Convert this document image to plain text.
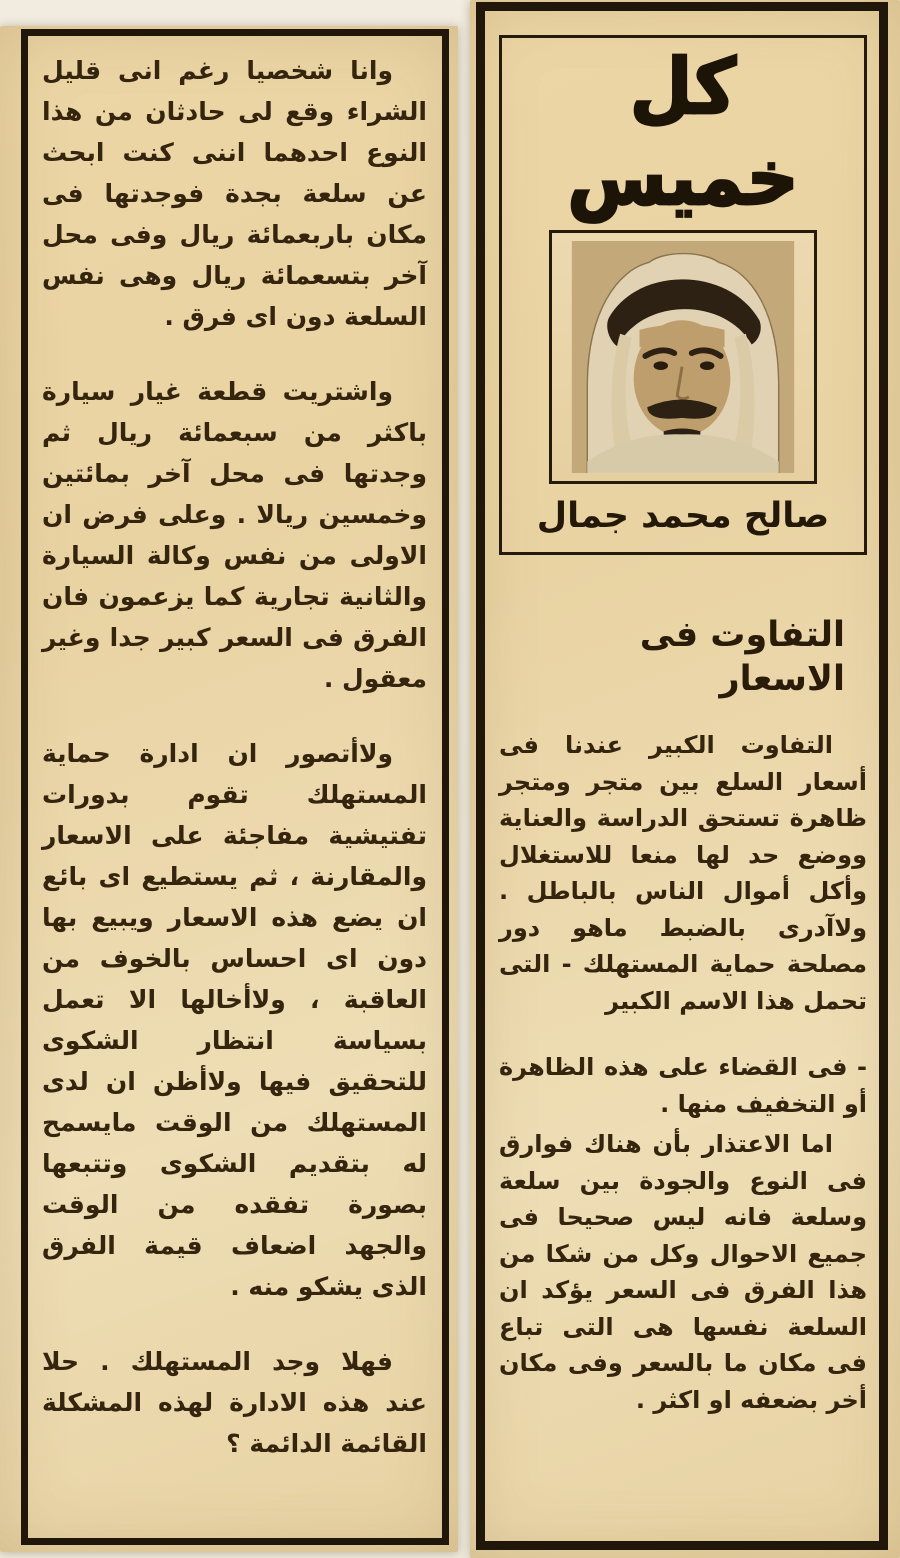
وانا شخصيا رغم انى قليل الشراء وقع لى حادثان من هذا النوع احدهما اننى كنت ابحث عن سلعة بجدة فوجدتها فى مكان باربعمائة ريال وفى محل آخر بتسعمائة ريال وهى نفس السلعة دون اى فرق .

واشتريت قطعة غيار سيارة باكثر من سبعمائة ريال ثم وجدتها فى محل آخر بمائتين وخمسين ريالا . وعلى فرض ان الاولى من نفس وكالة السيارة والثانية تجارية كما يزعمون فان الفرق فى السعر كبير جدا وغير معقول .

ولاأتصور ان ادارة حماية المستهلك تقوم بدورات تفتيشية مفاجئة على الاسعار والمقارنة ، ثم يستطيع اى بائع ان يضع هذه الاسعار ويبيع بها دون اى احساس بالخوف من العاقبة ، ولاأخالها الا تعمل بسياسة انتظار الشكوى للتحقيق فيها ولاأظن ان لدى المستهلك من الوقت مايسمح له بتقديم الشكوى وتتبعها بصورة تفقده من الوقت والجهد اضعاف قيمة الفرق الذى يشكو منه .

فهلا وجد المستهلك . حلا عند هذه الادارة لهذه المشكلة القائمة الدائمة ؟

كل خميس
صالح محمد جمال
التفاوت فى الاسعار

التفاوت الكبير عندنا فى أسعار السلع بين متجر ومتجر ظاهرة تستحق الدراسة والعناية ووضع حد لها منعا للاستغلال وأكل أموال الناس بالباطل . ولاآدرى بالضبط ماهو دور مصلحة حماية المستهلك - التى تحمل هذا الاسم الكبير

- فى القضاء على هذه الظاهرة أو التخفيف منها .

اما الاعتذار بأن هناك فوارق فى النوع والجودة بين سلعة وسلعة فانه ليس صحيحا فى جميع الاحوال وكل من شكا من هذا الفرق فى السعر يؤكد ان السلعة نفسها هى التى تباع فى مكان ما بالسعر وفى مكان أخر بضعفه او اكثر .
